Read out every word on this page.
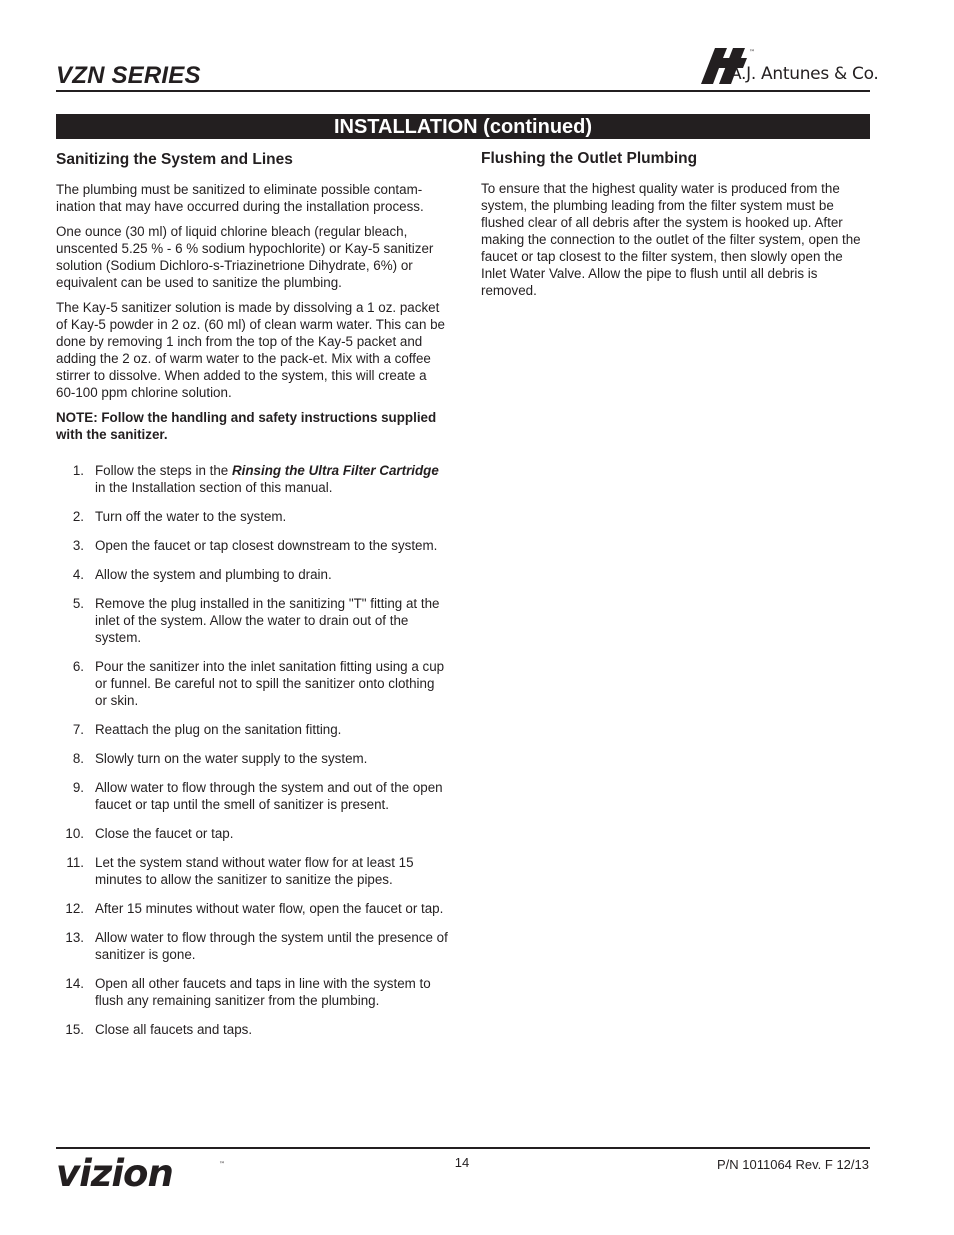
VZN SERIES
™
A.J. Antunes & Co.
INSTALLATION (continued)
Sanitizing the System and Lines

The plumbing must be sanitized to eliminate possible contam-ination that may have occurred during the installation process.

One ounce (30 ml) of liquid chlorine bleach (regular bleach, unscented 5.25 % - 6 % sodium hypochlorite) or Kay-5 sanitizer solution (Sodium Dichloro-s-Triazinetrione Dihydrate, 6%) or equivalent can be used to sanitize the plumbing.

The Kay-5 sanitizer solution is made by dissolving a 1 oz. packet of Kay-5 powder in 2 oz. (60 ml) of clean warm water. This can be done by removing 1 inch from the top of the Kay-5 packet and adding the 2 oz. of warm water to the pack-et. Mix with a coffee stirrer to dissolve. When added to the system, this will create a 60-100 ppm chlorine solution.

NOTE: Follow the handling and safety instructions supplied with the sanitizer.

1. Follow the steps in the Rinsing the Ultra Filter Cartridge in the Installation section of this manual.
2. Turn off the water to the system.
3. Open the faucet or tap closest downstream to the system.
4. Allow the system and plumbing to drain.
5. Remove the plug installed in the sanitizing "T" fitting at the inlet of the system. Allow the water to drain out of the system.
6. Pour the sanitizer into the inlet sanitation fitting using a cup or funnel. Be careful not to spill the sanitizer onto clothing or skin.
7. Reattach the plug on the sanitation fitting.
8. Slowly turn on the water supply to the system.
9. Allow water to flow through the system and out of the open faucet or tap until the smell of sanitizer is present.
10. Close the faucet or tap.
11. Let the system stand without water flow for at least 15 minutes to allow the sanitizer to sanitize the pipes.
12. After 15 minutes without water flow, open the faucet or tap.
13. Allow water to flow through the system until the presence of sanitizer is gone.
14. Open all other faucets and taps in line with the system to flush any remaining sanitizer from the plumbing.
15. Close all faucets and taps.
Flushing the Outlet Plumbing

To ensure that the highest quality water is produced from the system, the plumbing leading from the filter system must be flushed clear of all debris after the system is hooked up. After making the connection to the outlet of the filter system, open the faucet or tap closest to the filter system, then slowly open the Inlet Water Valve. Allow the pipe to flush until all debris is removed.

vizion	™	14	P/N 1011064 Rev. F 12/13
